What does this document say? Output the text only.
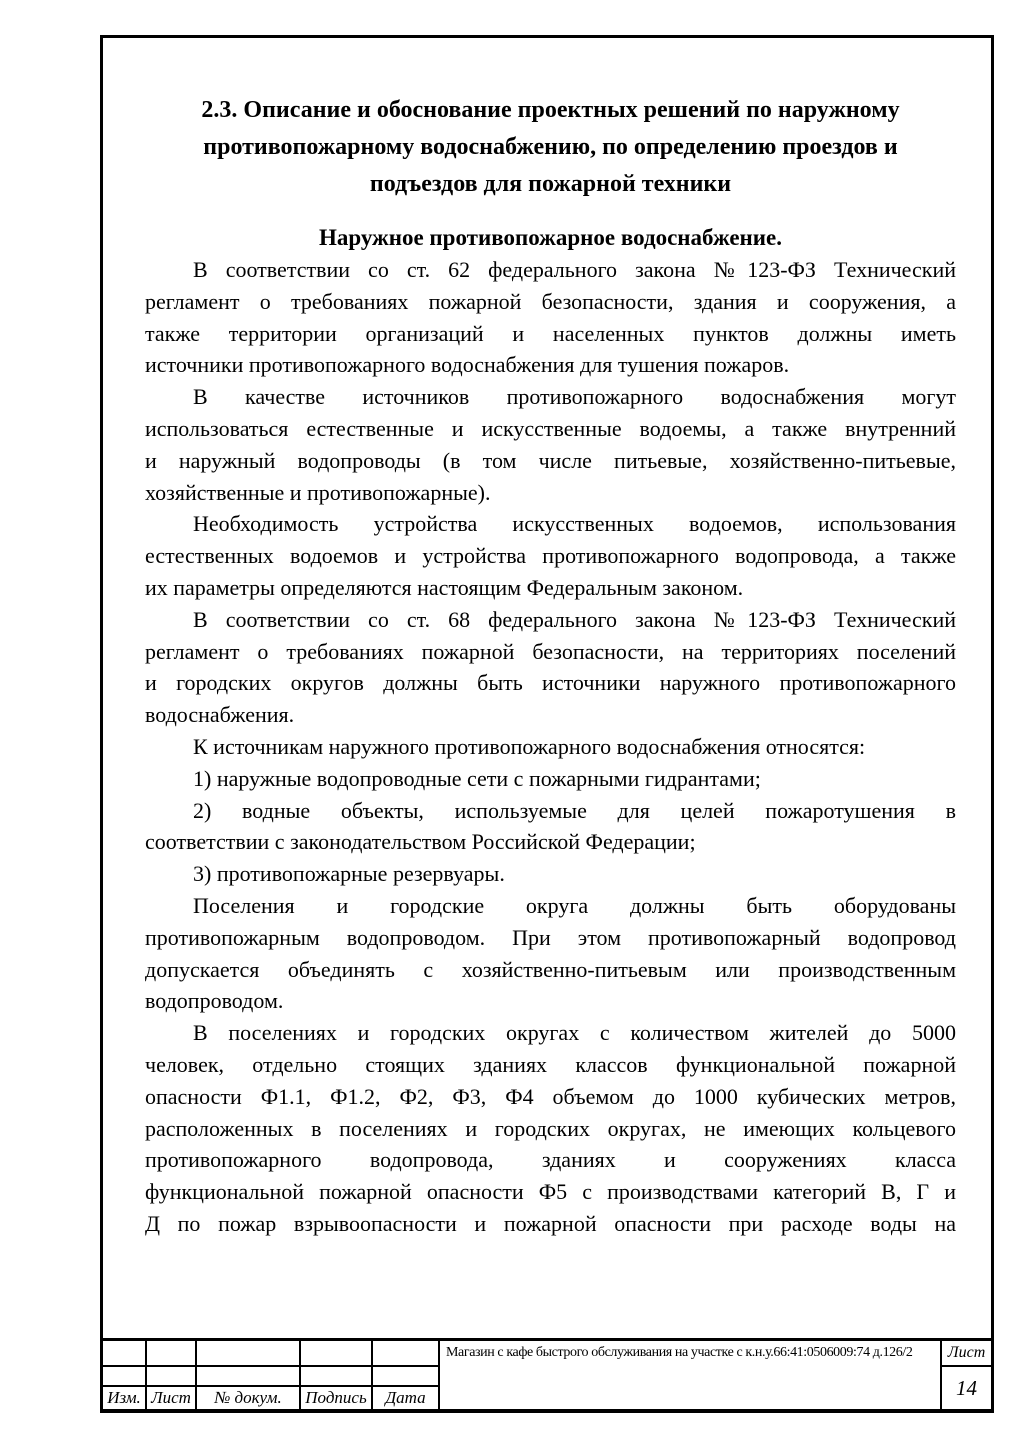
2.3. Описание и обоснование проектных решений по наружному
противопожарному водоснабжению, по определению проездов и
подъездов для пожарной техники
Наружное противопожарное водоснабжение.
В соответствии со ст. 62 федерального закона №123-ФЗ Технический
регламент о требованиях пожарной безопасности, здания и сооружения, а
также территории организаций и населенных пунктов должны иметь
источники противопожарного водоснабжения для тушения пожаров.
В качестве источников противопожарного водоснабжения могут
использоваться естественные и искусственные водоемы, а также внутренний
и наружный водопроводы (в том числе питьевые, хозяйственно-питьевые,
хозяйственные и противопожарные).
Необходимость устройства искусственных водоемов, использования
естественных водоемов и устройства противопожарного водопровода, а также
их параметры определяются настоящим Федеральным законом.
В соответствии со ст. 68 федерального закона №123-ФЗ Технический
регламент о требованиях пожарной безопасности, на территориях поселений
и городских округов должны быть источники наружного противопожарного
водоснабжения.
К источникам наружного противопожарного водоснабжения относятся:
1) наружные водопроводные сети с пожарными гидрантами;
2) водные объекты, используемые для целей пожаротушения в
соответствии с законодательством Российской Федерации;
3) противопожарные резервуары.
Поселения и городские округа должны быть оборудованы
противопожарным водопроводом. При этом противопожарный водопровод
допускается объединять с хозяйственно-питьевым или производственным
водопроводом.
В поселениях и городских округах с количеством жителей до 5000
человек, отдельно стоящих зданиях классов функциональной пожарной
опасности Ф1.1, Ф1.2, Ф2, Ф3, Ф4 объемом до 1000 кубических метров,
расположенных в поселениях и городских округах, не имеющих кольцевого
противопожарного водопровода, зданиях и сооружениях класса
функциональной пожарной опасности Ф5 с производствами категорий В, Г и
Д по пожар взрывоопасности и пожарной опасности при расходе воды на
Изм. Лист	№ докум.	Подпись	Дата
Магазин с кафе быстрого обслуживания на участке с к.н.у.66:41:0506009:74 д.126/2	Лист
14
